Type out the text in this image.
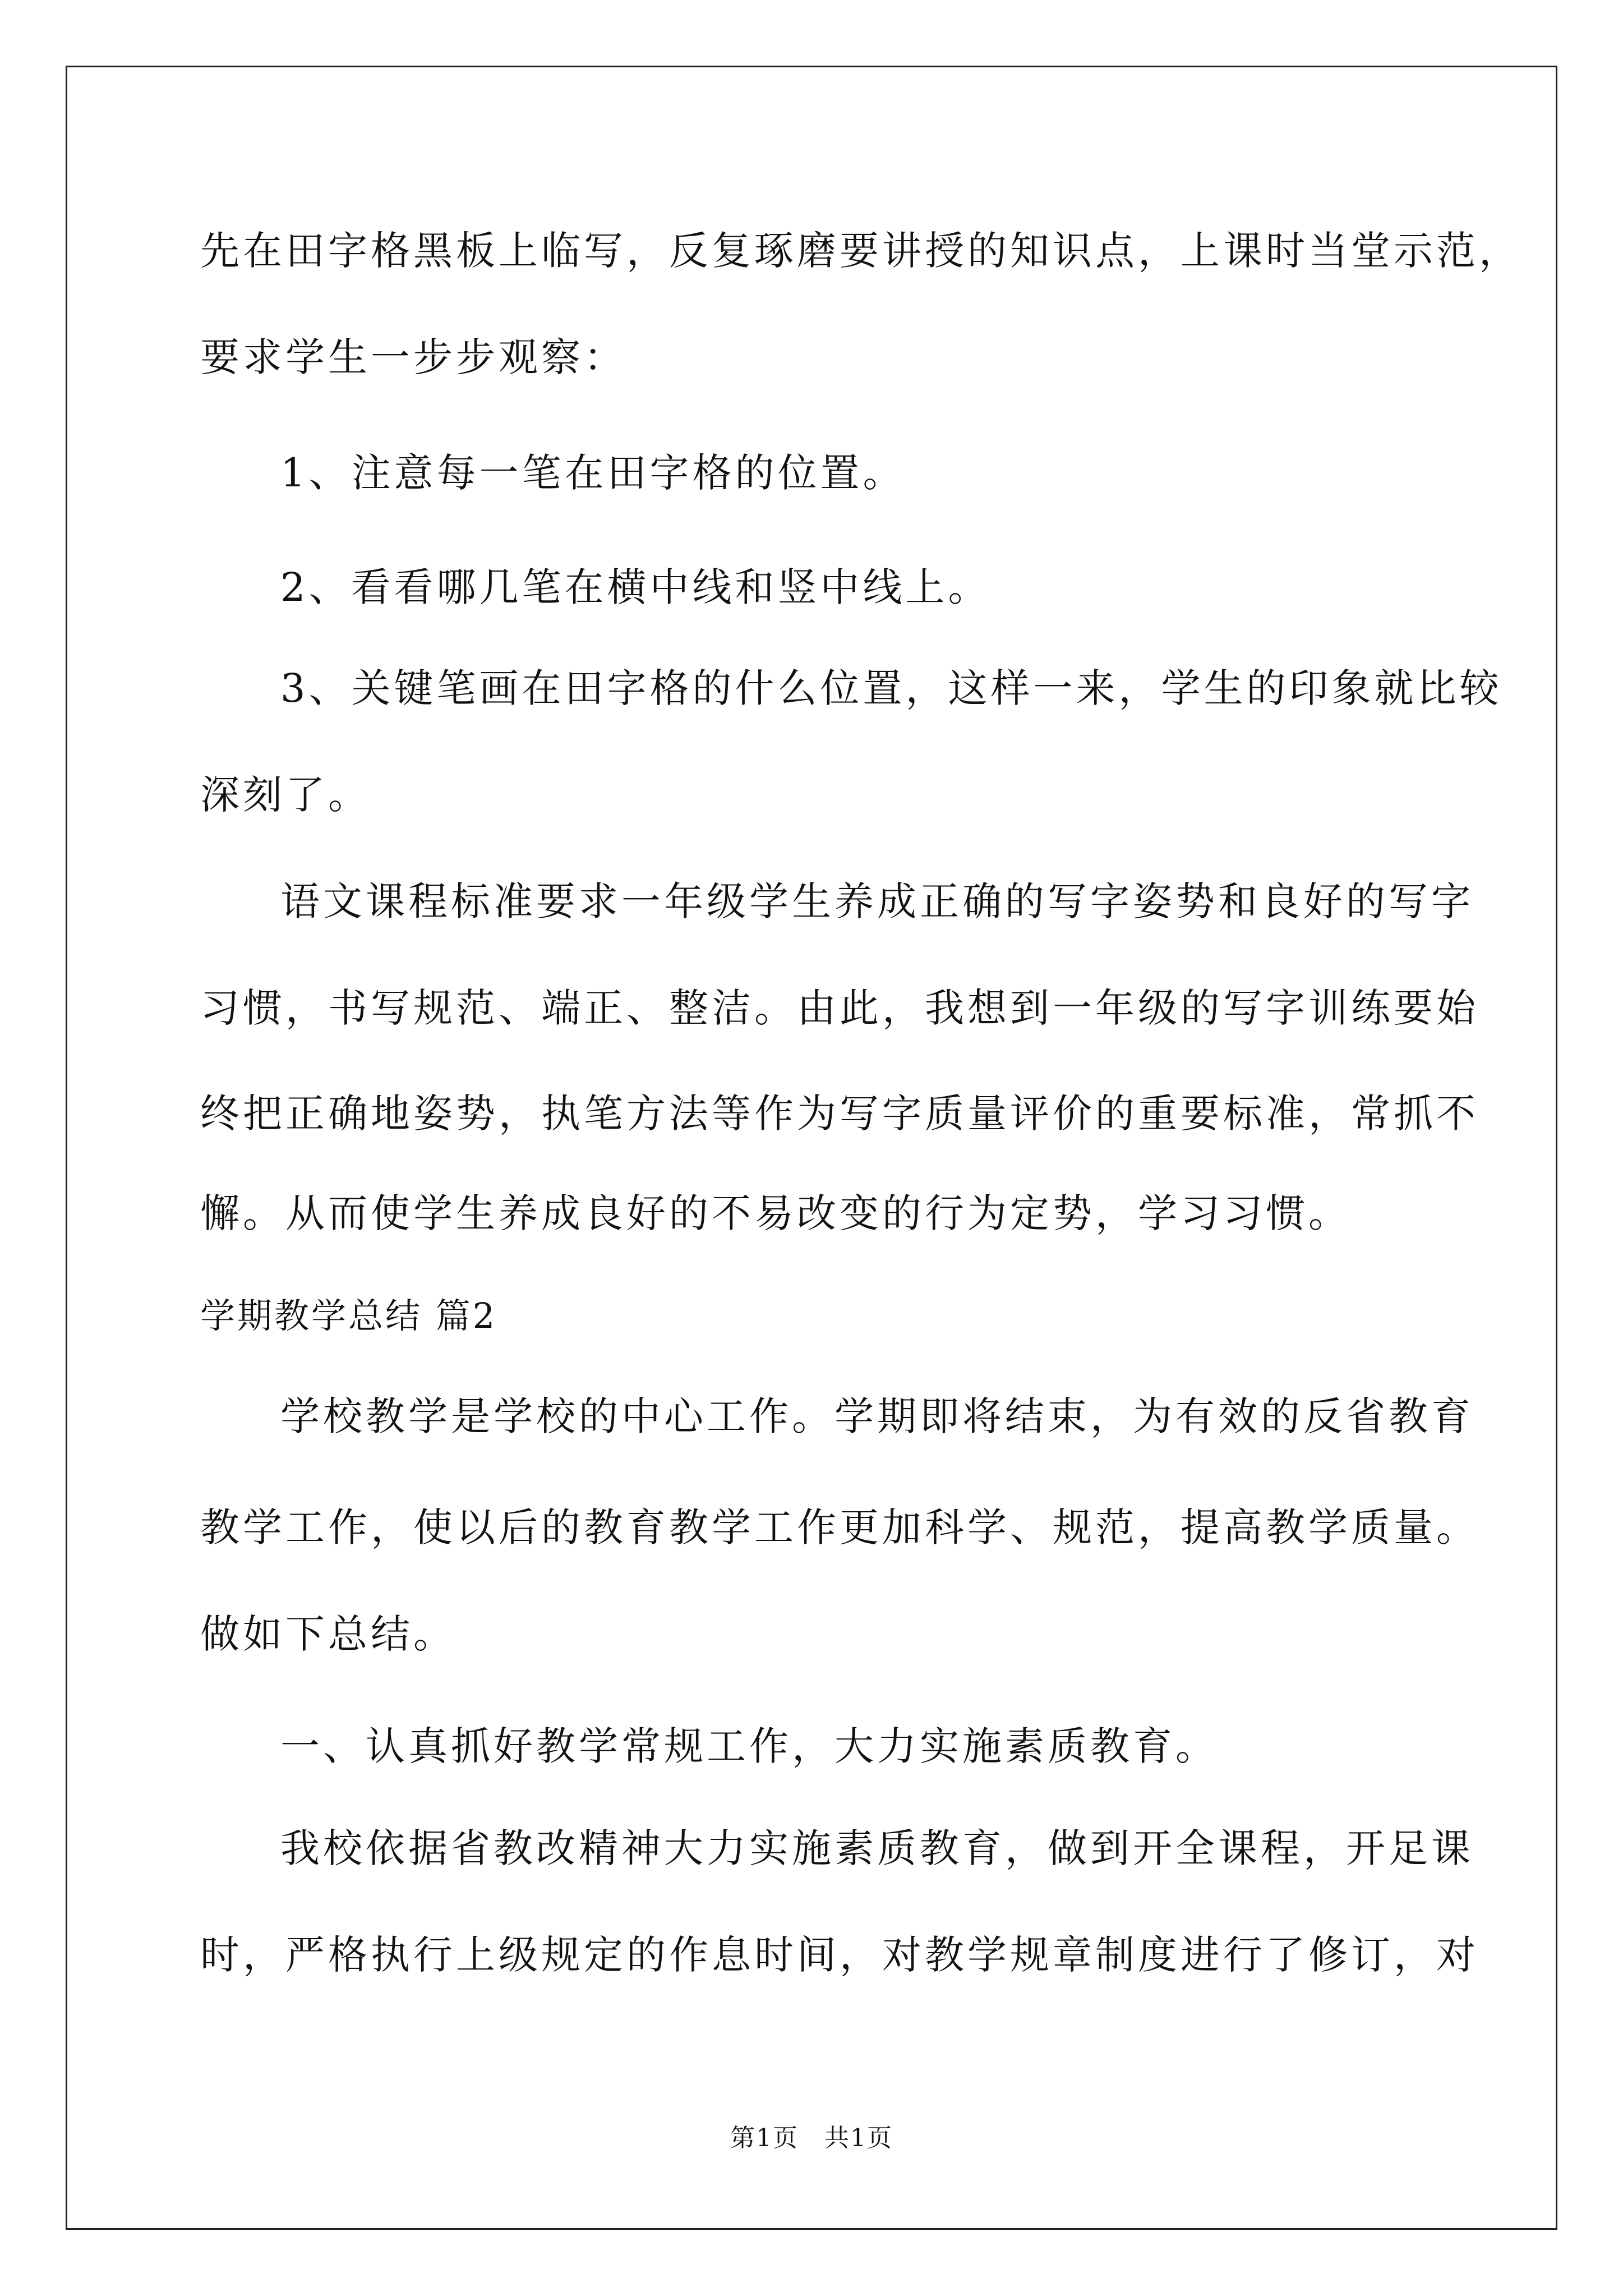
先在田字格黑板上临写，反复琢磨要讲授的知识点，上课时当堂示范，
要求学生一步步观察：
1、注意每一笔在田字格的位置。
2、看看哪几笔在横中线和竖中线上。
3、关键笔画在田字格的什么位置，这样一来，学生的印象就比较
深刻了。
语文课程标准要求一年级学生养成正确的写字姿势和良好的写字
习惯，书写规范、端正、整洁。由此，我想到一年级的写字训练要始
终把正确地姿势，执笔方法等作为写字质量评价的重要标准，常抓不
懈。从而使学生养成良好的不易改变的行为定势，学习习惯。
学期教学总结 篇2
学校教学是学校的中心工作。学期即将结束，为有效的反省教育
教学工作，使以后的教育教学工作更加科学、规范，提高教学质量。
做如下总结。
一、认真抓好教学常规工作，大力实施素质教育。
我校依据省教改精神大力实施素质教育，做到开全课程，开足课
时，严格执行上级规定的作息时间，对教学规章制度进行了修订，对
第1页　共1页
